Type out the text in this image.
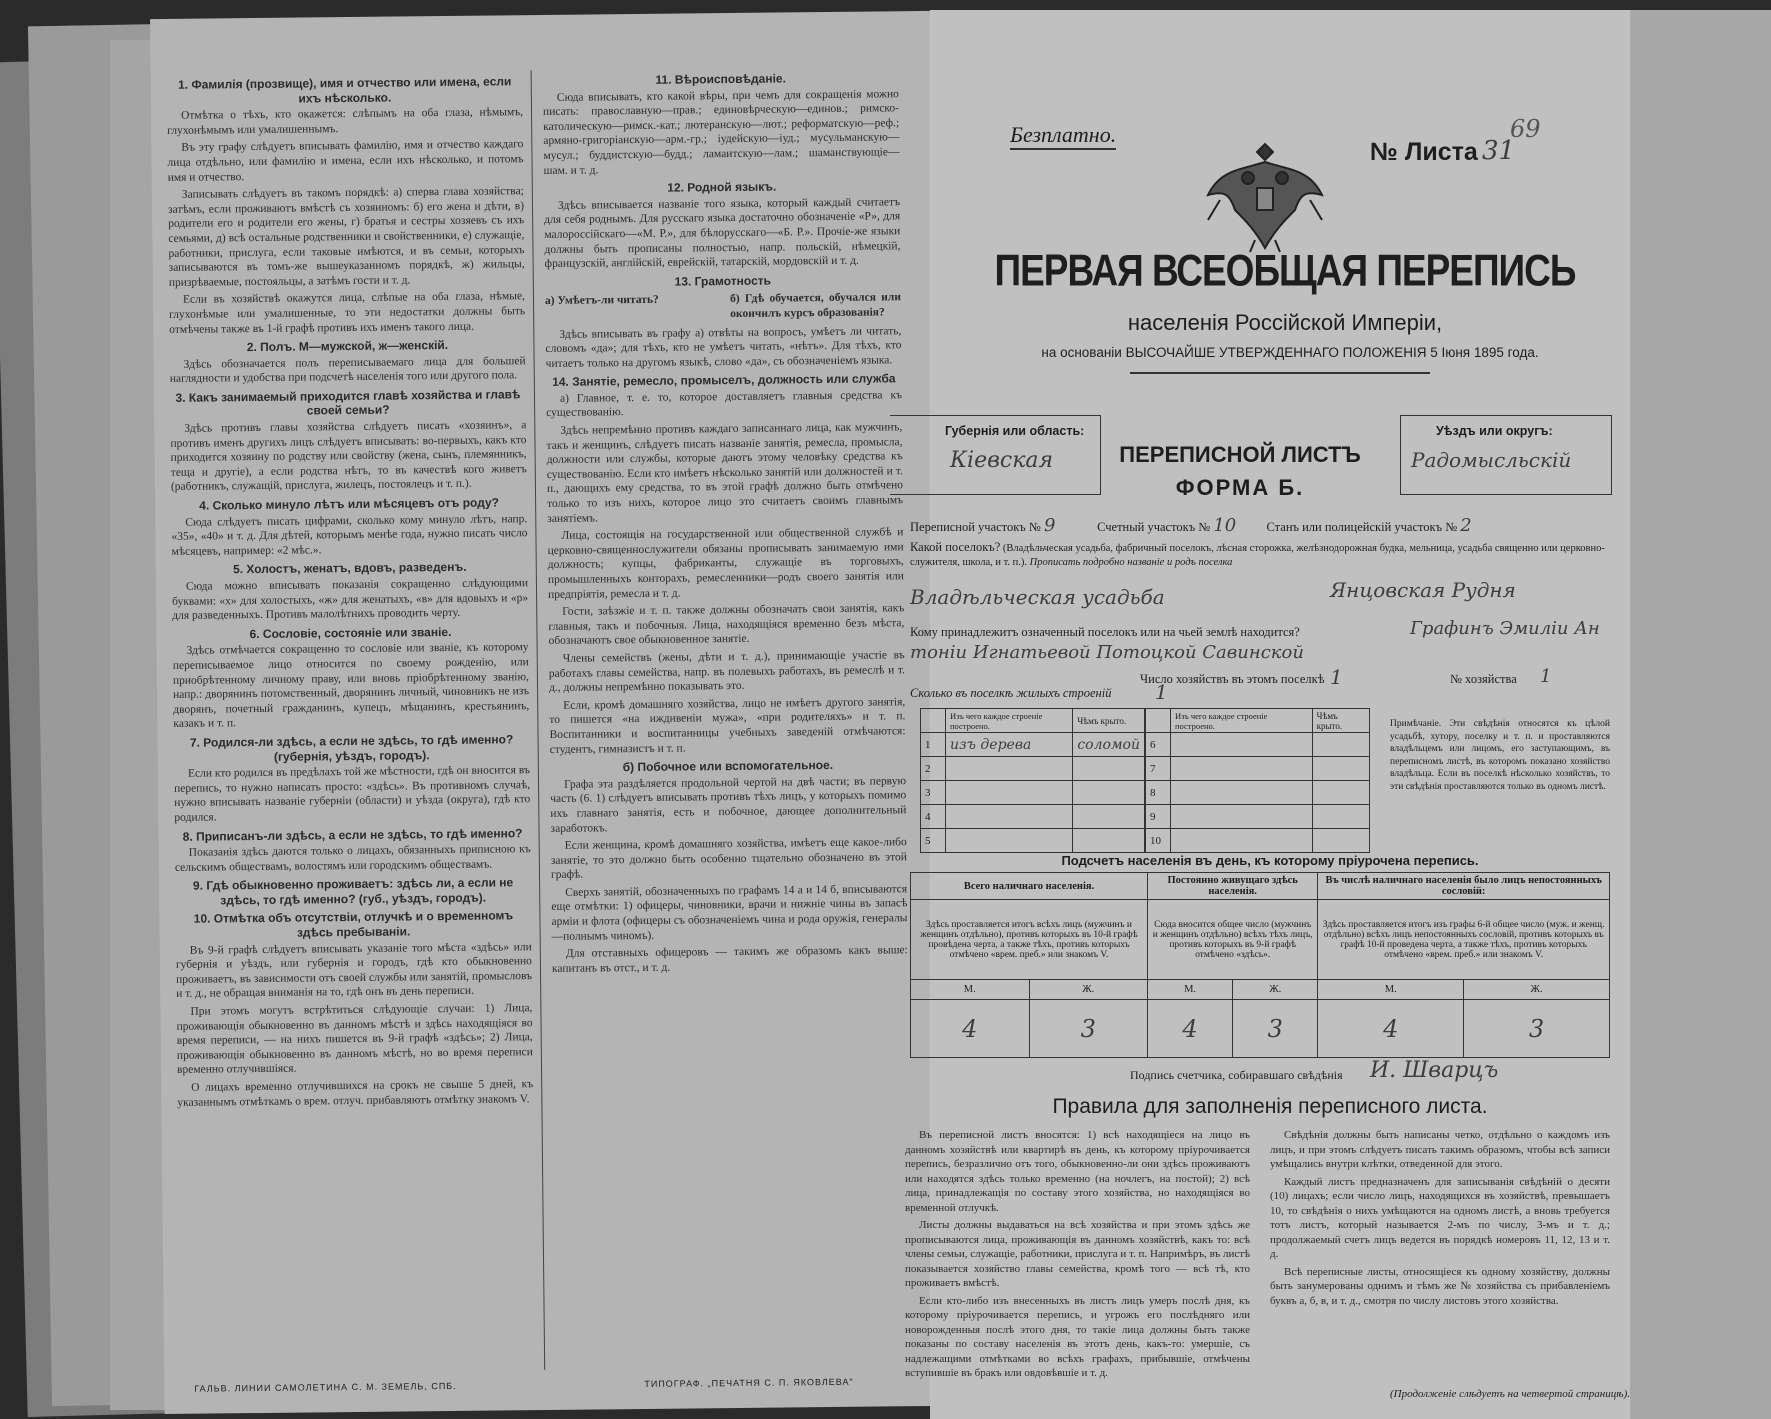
1. Фамилія (прозвище), имя и отчество или имена, если ихъ нѣсколько.

Отмѣтка о тѣхъ, кто окажется: слѣпымъ на оба глаза, нѣмымъ, глухонѣмымъ или умалишеннымъ.

Въ эту графу слѣдуетъ вписывать фамилію, имя и отчество каждаго лица отдѣльно, или фамилію и имена, если ихъ нѣсколько, и потомъ имя и отчество.

Записывать слѣдуетъ въ такомъ порядкѣ: а) сперва глава хозяйства; затѣмъ, если проживаютъ вмѣстѣ съ хозяиномъ: б) его жена и дѣти, в) родители его и родители его жены, г) братья и сестры хозяевъ съ ихъ семьями, д) всѣ остальные родственники и свойственники, е) служащіе, работники, прислуга, если таковые имѣются, и въ семьи, которыхъ записываются въ томъ-же вышеуказанномъ порядкѣ, ж) жильцы, призрѣваемые, постояльцы, а затѣмъ гости и т. д.

Если въ хозяйствѣ окажутся лица, слѣпые на оба глаза, нѣмые, глухонѣмые или умалишенные, то эти недостатки должны быть отмѣчены также въ 1-й графѣ противъ ихъ именъ такого лица.

2. Полъ. М—мужской, ж—женскій.

Здѣсь обозначается полъ переписываемаго лица для большей наглядности и удобства при подсчетѣ населенія того или другого пола.

3. Какъ занимаемый приходится главѣ хозяйства и главѣ своей семьи?

Здѣсь противъ главы хозяйства слѣдуетъ писать «хозяинъ», а противъ именъ другихъ лицъ слѣдуетъ вписывать: во-первыхъ, какъ кто приходится хозяину по родству или свойству (жена, сынъ, племянникъ, теща и другіе), а если родства нѣтъ, то въ качествѣ кого живетъ (работникъ, служащій, прислуга, жилецъ, постоялецъ и т. п.).

4. Сколько минуло лѣтъ или мѣсяцевъ отъ роду?

Сюда слѣдуетъ писать цифрами, сколько кому минуло лѣтъ, напр. «35», «40» и т. д. Для дѣтей, которымъ менѣе года, нужно писать число мѣсяцевъ, например: «2 мѣс.».

5. Холостъ, женатъ, вдовъ, разведенъ.

Сюда можно вписывать показанія сокращенно слѣдующими буквами: «х» для холостыхъ, «ж» для женатыхъ, «в» для вдовыхъ и «р» для разведенныхъ. Противъ малолѣтнихъ проводить черту.

6. Сословіе, состояніе или званіе.

Здѣсь отмѣчается сокращенно то сословіе или званіе, къ которому переписываемое лицо относится по своему рожденію, или приобрѣтенному личному праву, или вновь пріобрѣтенному званію, напр.: дворянинъ потомственный, дворянинъ личный, чиновникъ не изъ дворянъ, почетный гражданинъ, купецъ, мѣщанинъ, крестьянинъ, казакъ и т. п.

7. Родился-ли здѣсь, а если не здѣсь, то гдѣ именно? (губернія, уѣздъ, городъ).

Если кто родился въ предѣлахъ той же мѣстности, гдѣ он вносится въ перепись, то нужно написать просто: «здѣсь». Въ противномъ случаѣ, нужно вписывать названіе губерніи (области) и уѣзда (округа), гдѣ кто родился.

8. Приписанъ-ли здѣсь, а если не здѣсь, то гдѣ именно?

Показанія здѣсь даются только о лицахъ, обязанныхъ приписною къ сельскимъ обществамъ, волостямъ или городскимъ обществамъ.

9. Гдѣ обыкновенно проживаетъ: здѣсь ли, а если не здѣсь, то гдѣ именно? (губ., уѣздъ, городъ).
10. Отмѣтка объ отсутствіи, отлучкѣ и о временномъ здѣсь пребываніи.

Въ 9-й графѣ слѣдуетъ вписывать указаніе того мѣста «здѣсь» или губернія и уѣздъ, или губернія и городъ, гдѣ кто обыкновенно проживаетъ, въ зависимости отъ своей службы или занятій, промысловъ и т. д., не обращая вниманія на то, гдѣ онъ въ день переписи.

При этомъ могутъ встрѣтиться слѣдующіе случаи: 1) Лица, проживающія обыкновенно въ данномъ мѣстѣ и здѣсь находящіяся во время переписи, — на нихъ пишется въ 9-й графѣ «здѣсь»; 2) Лица, проживающія обыкновенно въ данномъ мѣстѣ, но во время переписи временно отлучившіяся.

О лицахъ временно отлучившихся на срокъ не свыше 5 дней, къ указаннымъ отмѣткамъ о врем. отлуч. прибавляютъ отмѣтку знакомъ V.

11. Вѣроисповѣданіе.

Сюда вписывать, кто какой вѣры, при чемъ для сокращенія можно писать: православную—прав.; единовѣрческую—единов.; римско-католическую—римск.-кат.; лютеранскую—лют.; реформатскую—реф.; армяно-григоріанскую—арм.-гр.; іудейскую—іуд.; мусульманскую—мусул.; буддистскую—будд.; ламаитскую—лам.; шаманствующіе—шам. и т. д.

12. Родной языкъ.

Здѣсь вписывается названіе того языка, который каждый считаетъ для себя роднымъ. Для русскаго языка достаточно обозначеніе «Р», для малороссійскаго—«М. Р.», для бѣлорусскаго—«Б. Р.». Прочіе-же языки должны быть прописаны полностью, напр. польскій, нѣмецкій, французскій, англійскій, еврейскій, татарскій, мордовскій и т. д.

13. Грамотность
а) Умѣетъ-ли читать?	б) Гдѣ обучается, обучался или окончилъ курсъ образованія?

Здѣсь вписывать въ графу а) отвѣты на вопросъ, умѣетъ ли читать, словомъ «да»; для тѣхъ, кто не умѣетъ читать, «нѣтъ». Для тѣхъ, кто читаетъ только на другомъ языкѣ, слово «да», съ обозначеніемъ языка.

14. Занятіе, ремесло, промыселъ, должность или служба

а) Главное, т. е. то, которое доставляетъ главныя средства къ существованію.

Здѣсь непремѣнно противъ каждаго записаннаго лица, как мужчинъ, такъ и женщинъ, слѣдуетъ писать названіе занятія, ремесла, промысла, должности или службы, которые даютъ этому человѣку средства къ существованію. Если кто имѣетъ нѣсколько занятій или должностей и т. п., дающихъ ему средства, то въ этой графѣ должно быть отмѣчено только то изъ нихъ, которое лицо это считаетъ своимъ главнымъ занятіемъ.

Лица, состоящія на государственной или общественной службѣ и церковно-священнослужители обязаны прописывать занимаемую ими должность; купцы, фабриканты, служащіе въ торговыхъ, промышленныхъ конторахъ, ремесленники—родъ своего занятія или предпріятія, ремесла и т. д.

Гости, заѣзжіе и т. п. также должны обозначать свои занятія, какъ главныя, такъ и побочныя. Лица, находящіяся временно безъ мѣста, обозначаютъ свое обыкновенное занятіе.

Члены семействъ (жены, дѣти и т. д.), принимающіе участіе въ работахъ главы семейства, напр. въ полевыхъ работахъ, въ ремеслѣ и т. д., должны непремѣнно показывать это.

Если, кромѣ домашняго хозяйства, лицо не имѣетъ другого занятія, то пишется «на иждивеніи мужа», «при родителяхъ» и т. п. Воспитанники и воспитанницы учебныхъ заведеній отмѣчаются: студентъ, гимназистъ и т. п.

б) Побочное или вспомогательное.

Графа эта раздѣляется продольной чертой на двѣ части; въ первую часть (6. 1) слѣдуетъ вписывать противъ тѣхъ лицъ, у которыхъ помимо ихъ главнаго занятія, есть и побочное, дающее дополнительный заработокъ.

Если женщина, кромѣ домашняго хозяйства, имѣетъ еще какое-либо занятіе, то это должно быть особенно тщательно обозначено въ этой графѣ.

Сверхъ занятій, обозначенныхъ по графамъ 14 а и 14 б, вписываются еще отмѣтки: 1) офицеры, чиновники, врачи и нижніе чины въ запасѣ арміи и флота (офицеры съ обозначеніемъ чина и рода оружія, генералы—полнымъ чиномъ).

Для отставныхъ офицеровъ — такимъ же образомъ какъ выше: капитанъ въ отст., и т. д.

ГАЛЬВ. ЛИНИИ САМОЛЕТИНА С. М. ЗЕМЕЛЬ, СПБ.	ТИПОГРАФ. „ПЕЧАТНЯ С. П. ЯКОВЛЕВА"
Безплатно.
№ Листа 31
69
ПЕРВАЯ ВСЕОБЩАЯ ПЕРЕПИСЬ
населенія Россійской Имперіи,
на основаніи ВЫСОЧАЙШЕ УТВЕРЖДЕННАГО ПОЛОЖЕНІЯ 5 Іюня 1895 года.
Губернія или область:
Кіевская	ПЕРЕПИСНОЙ ЛИСТЪ
ФОРМА Б.
Уѣздъ или округъ:
Радомысльскій
Переписной участокъ № 9	Счетный участокъ № 10 Станъ или полицейскій участокъ № 2
Какой поселокъ? (Владѣльческая усадьба, фабричный поселокъ, лѣсная сторожка, желѣзнодорожная будка, мельница, усадьба священно или церковно-служителя, школа, и т. п.). Прописать подробно названіе и родъ поселка
Владѣльческая усадьба	Янцовская Рудня
Кому принадлежитъ означенный поселокъ или на чьей землѣ находится?	Графинъ Эмиліи Ан
тоніи Игнатьевой Потоцкой Савинской
Число хозяйствъ въ этомъ поселкѣ 1	№ хозяйства 1
Сколько въ поселкѣ жилыхъ строеній 1
	Изъ чего каждое строеніе построено.	Чѣмъ крыто.
1	изъ дерева	соломой
2		
3		
4		
5		
	Изъ чего каждое строеніе построено.	Чѣмъ крыто.
6		
7		
8		
9		
10		
Примѣчаніе. Эти свѣдѣнія относятся къ цѣлой усадьбѣ, хутору, поселку и т. п. и проставляются владѣльцемъ или лицомъ, его заступающимъ, въ переписномъ листѣ, въ которомъ показано хозяйство владѣльца. Если въ поселкѣ нѣсколько хозяйствъ, то эти свѣдѣнія проставляются только въ одномъ листѣ.
Подсчетъ населенія въ день, къ которому пріурочена перепись.
Всего наличнаго населенія.		Постоянно живущаго здѣсь населенія.		Въ числѣ наличнаго населенія было лицъ непостоянныхъ сословій:	
Здѣсь проставляется итогъ всѣхъ лицъ (мужчинъ и женщинъ отдѣльно), противъ которыхъ въ 10-й графѣ провѣдена черта, а также тѣхъ, противъ которыхъ отмѣчено «врем. преб.» или знакомъ V.		Сюда вносится общее число (мужчинъ и женщинъ отдѣльно) всѣхъ тѣхъ лицъ, противъ которыхъ въ 9-й графѣ отмѣчено «здѣсь».		Здѣсь проставляется итогъ изъ графы 6-й общее число (муж. и женщ. отдѣльно) всѣхъ лицъ непостоянныхъ сословій, противъ которыхъ въ графѣ 10-й проведена черта, а также тѣхъ, противъ которыхъ отмѣчено «врем. преб.» или знакомъ V.	
М.	Ж.	М.	Ж.	М.	Ж.
4	3	4	3	4	3
Подпись счетчика, собиравшаго свѣдѣнія И. Шварцъ
Правила для заполненія переписного листа.

Въ переписной листъ вносятся: 1) всѣ находящіеся на лицо въ данномъ хозяйствѣ или квартирѣ въ день, къ которому пріурочивается перепись, безразлично отъ того, обыкновенно-ли они здѣсь проживаютъ или находятся здѣсь только временно (на ночлегъ, на постой); 2) всѣ лица, принадлежащія по составу этого хозяйства, но находящіяся во временной отлучкѣ.

Листы должны выдаваться на всѣ хозяйства и при этомъ здѣсь же прописываются лица, проживающія въ данномъ хозяйствѣ, какъ то: всѣ члены семьи, служащіе, работники, прислуга и т. п. Напримѣръ, въ листѣ показывается хозяйство главы семейства, кромѣ того — всѣ тѣ, кто проживаетъ вмѣстѣ.

Если кто-либо изъ внесенныхъ въ листъ лицъ умеръ послѣ дня, къ которому пріурочивается перепись, и угрожъ его послѣдняго или новорожденныя послѣ этого дня, то такіе лица должны быть также показаны по составу населенія въ этотъ день, какъ-то: умершіе, съ надлежащими отмѣтками во всѣхъ графахъ, прибывшіе, отмѣчены вступившіе въ бракъ или овдовѣвшіе и т. д.

Свѣдѣнія должны быть написаны четко, отдѣльно о каждомъ изъ лицъ, и при этомъ слѣдуетъ писать такимъ образомъ, чтобы всѣ записи умѣщались внутри клѣтки, отведенной для этого.

Каждый листъ предназначенъ для записыванія свѣдѣній о десяти (10) лицахъ; если число лицъ, находящихся въ хозяйствѣ, превышаетъ 10, то свѣдѣнія о нихъ умѣщаются на одномъ листѣ, а вновь требуется тотъ листъ, который называется 2-мъ по числу, 3-мъ и т. д.; продолжаемый счетъ лицъ ведется въ порядкѣ номеровъ 11, 12, 13 и т. д.

Всѣ переписные листы, относящіеся къ одному хозяйству, должны быть занумерованы однимъ и тѣмъ же № хозяйства съ прибавленіемъ буквъ а, б, в, и т. д., смотря по числу листовъ этого хозяйства.

(Продолженіе слѣдуетъ на четвертой страницѣ).
